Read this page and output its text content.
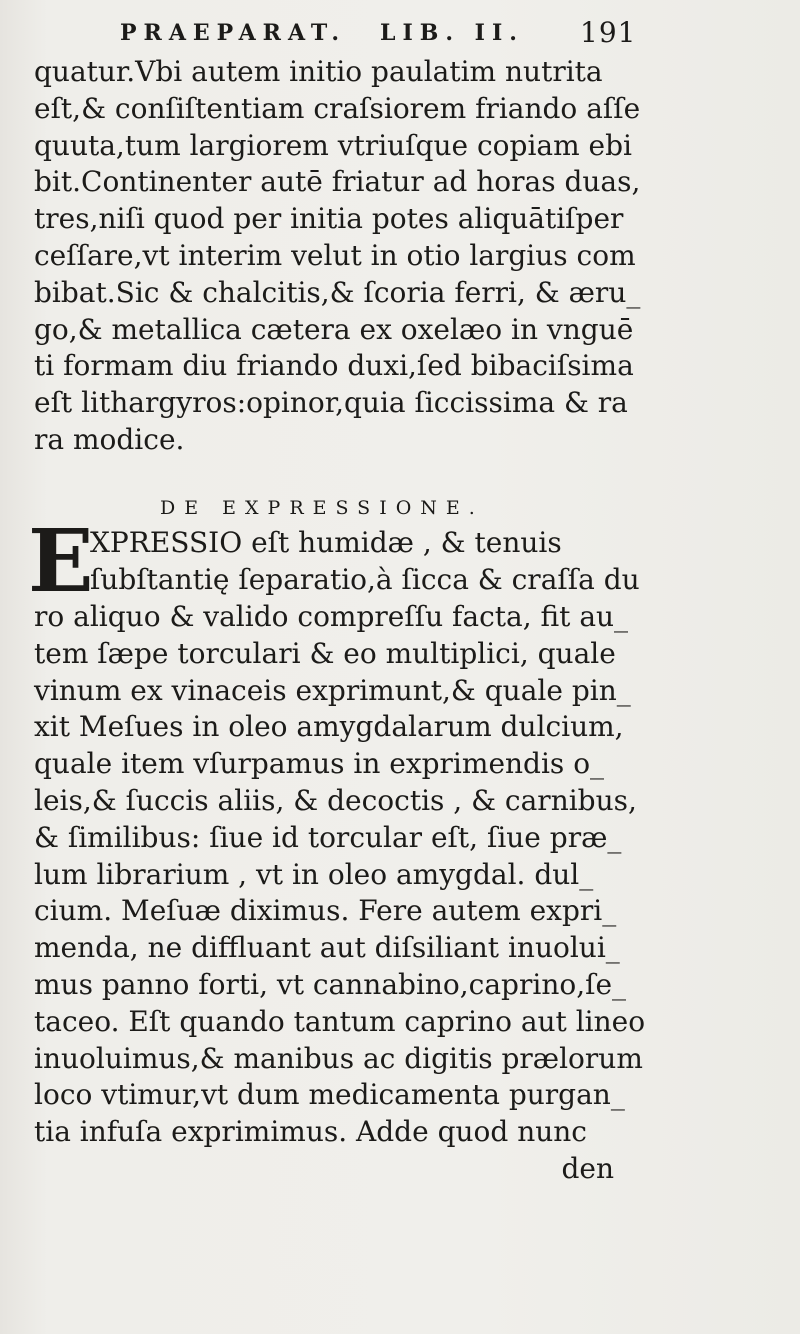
PRAEPARAT. LIB. II. 191
quatur.Vbi autem initio paulatim nutrita
eſt,& conſiſtentiam craſsiorem friando aſſe
quuta,tum largiorem vtriuſque copiam ebi
bit.Continenter autē friatur ad horas duas,
tres,niſi quod per initia potes aliquātiſper
ceſſare,vt interim velut in otio largius com
bibat.Sic & chalcitis,& ſcoria ferri, & æru_
go,& metallica cætera ex oxelæo in vnguē
ti formam diu friando duxi,ſed bibaciſsima
eſt lithargyros:opinor,quia ſiccissima & ra
ra modice.
DE EXPRESSIONE.
E
XPRESSIO eſt humidæ , & tenuis
ſubſtantię ſeparatio,à ſicca & craſſa du
ro aliquo & valido compreſſu facta, fit au_
tem ſæpe torculari & eo multiplici, quale
vinum ex vinaceis exprimunt,& quale pin_
xit Meſues in oleo amygdalarum dulcium,
quale item vſurpamus in exprimendis o_
leis,& ſuccis aliis, & decoctis , & carnibus,
& ſimilibus: ſiue id torcular eſt, ſiue præ_
lum librarium , vt in oleo amygdal. dul_
cium. Meſuæ diximus. Fere autem expri_
menda, ne diffluant aut diſsiliant inuolui_
mus panno forti, vt cannabino,caprino,ſe_
taceo. Eſt quando tantum caprino aut lineo
inuoluimus,& manibus ac digitis prælorum
loco vtimur,vt dum medicamenta purgan_
tia infuſa exprimimus. Adde quod nunc
den
